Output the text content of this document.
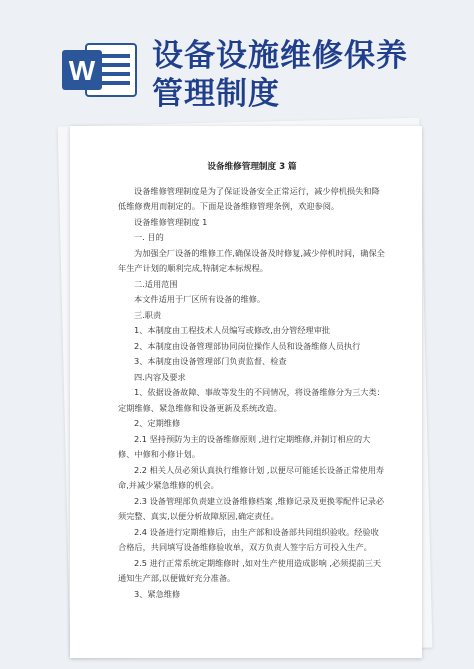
W 设备设施维修保养
管理制度
设备维修管理制度 3 篇

设备维修管理制度是为了保证设备安全正常运行，减少停机损失和降低维修费用而制定的。下面是设备维修管理条例，欢迎参阅。

设备维修管理制度 1

一. 目的

为加强全厂设备的维修工作,确保设备及时修复,减少停机时间，确保全年生产计划的顺利完成,特制定本标规程。

二.适用范围

本文件适用于厂区所有设备的维修。

三.职责

1、本制度由工程技术人员编写或修改,由分管经理审批

2、本制度由设备管理部协同岗位操作人员和设备维修人员执行

3、本制度由设备管理部门负责监督、检查

四.内容及要求

1、依据设备故障、事故等发生的不同情况，将设备维修分为三大类：定期维修、紧急维修和设备更新及系统改造。

2、定期维修

2.1 坚持预防为主的设备维修原则 ,进行定期维修,并制订相应的大修、中修和小修计划。

2.2 相关人员必须认真执行维修计划 ,以便尽可能延长设备正常使用寿命,并减少紧急维修的机会。

2.3 设备管理部负责建立设备维修档案 ,维修记录及更换零配件记录必须完整、真实,以便分析故障原因,确定责任。

2.4 设备进行定期维修后，由生产部和设备部共同组织验收。经验收合格后，共同填写设备维修验收单，双方负责人签字后方可投入生产。

2.5 进行正常系统定期维修时 ,如对生产使用造成影响 ,必须提前三天通知生产部,以便做好充分准备。

3、紧急维修
